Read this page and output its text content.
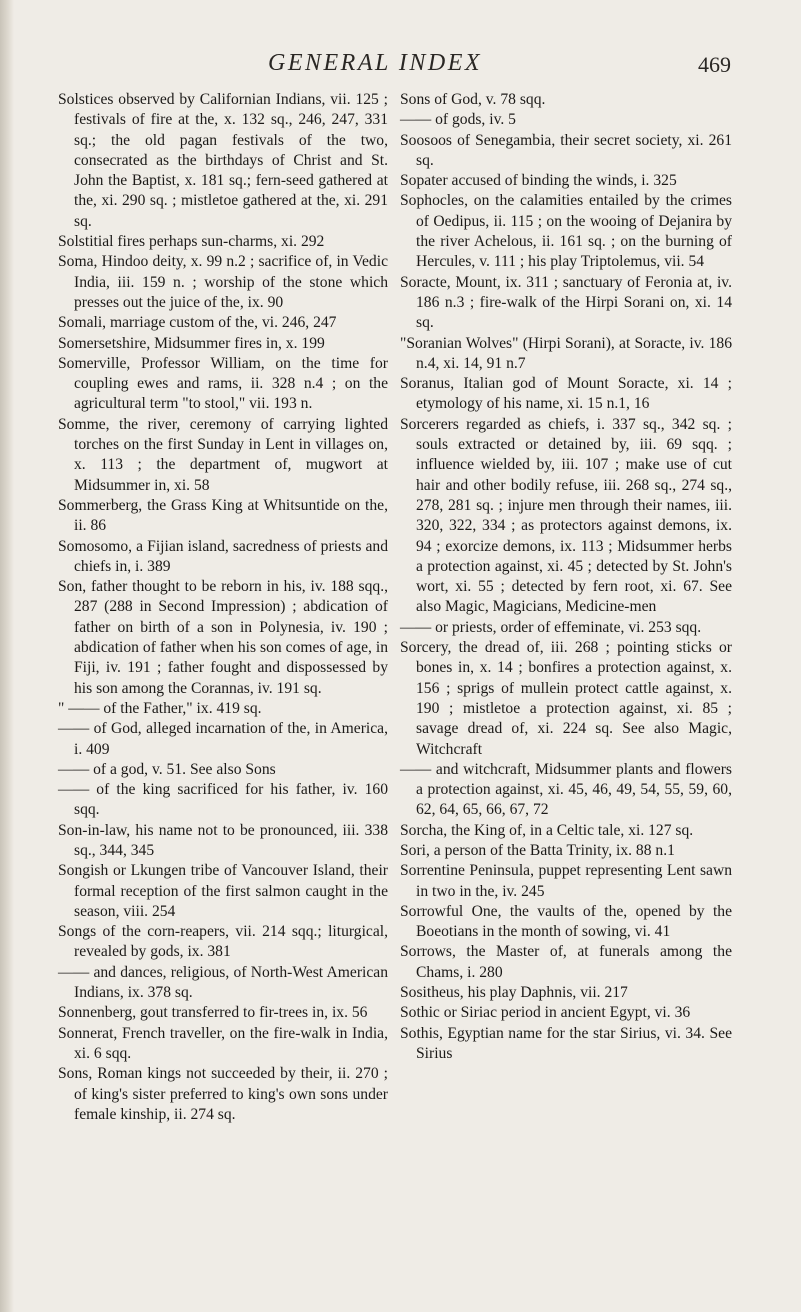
GENERAL INDEX	469

Solstices observed by Californian Indians, vii. 125 ; festivals of fire at the, x. 132 sq., 246, 247, 331 sq.; the old pagan festivals of the two, consecrated as the birthdays of Christ and St. John the Baptist, x. 181 sq.; fern-seed gathered at the, xi. 290 sq. ; mistletoe gathered at the, xi. 291 sq.

Solstitial fires perhaps sun-charms, xi. 292

Soma, Hindoo deity, x. 99 n.2 ; sacrifice of, in Vedic India, iii. 159 n. ; worship of the stone which presses out the juice of the, ix. 90

Somali, marriage custom of the, vi. 246, 247

Somersetshire, Midsummer fires in, x. 199

Somerville, Professor William, on the time for coupling ewes and rams, ii. 328 n.4 ; on the agricultural term "to stool," vii. 193 n.

Somme, the river, ceremony of carrying lighted torches on the first Sunday in Lent in villages on, x. 113 ; the department of, mugwort at Midsummer in, xi. 58

Sommerberg, the Grass King at Whitsuntide on the, ii. 86

Somosomo, a Fijian island, sacredness of priests and chiefs in, i. 389

Son, father thought to be reborn in his, iv. 188 sqq., 287 (288 in Second Impression) ; abdication of father on birth of a son in Polynesia, iv. 190 ; abdication of father when his son comes of age, in Fiji, iv. 191 ; father fought and dispossessed by his son among the Corannas, iv. 191 sq.

" —— of the Father," ix. 419 sq.

—— of God, alleged incarnation of the, in America, i. 409

—— of a god, v. 51. See also Sons

—— of the king sacrificed for his father, iv. 160 sqq.

Son-in-law, his name not to be pronounced, iii. 338 sq., 344, 345

Songish or Lkungen tribe of Vancouver Island, their formal reception of the first salmon caught in the season, viii. 254

Songs of the corn-reapers, vii. 214 sqq.; liturgical, revealed by gods, ix. 381

—— and dances, religious, of North-West American Indians, ix. 378 sq.

Sonnenberg, gout transferred to fir-trees in, ix. 56

Sonnerat, French traveller, on the fire-walk in India, xi. 6 sqq.

Sons, Roman kings not succeeded by their, ii. 270 ; of king's sister preferred to king's own sons under female kinship, ii. 274 sq.

Sons of God, v. 78 sqq.

—— of gods, iv. 5

Soosoos of Senegambia, their secret society, xi. 261 sq.

Sopater accused of binding the winds, i. 325

Sophocles, on the calamities entailed by the crimes of Oedipus, ii. 115 ; on the wooing of Dejanira by the river Achelous, ii. 161 sq. ; on the burning of Hercules, v. 111 ; his play Triptolemus, vii. 54

Soracte, Mount, ix. 311 ; sanctuary of Feronia at, iv. 186 n.3 ; fire-walk of the Hirpi Sorani on, xi. 14 sq.

"Soranian Wolves" (Hirpi Sorani), at Soracte, iv. 186 n.4, xi. 14, 91 n.7

Soranus, Italian god of Mount Soracte, xi. 14 ; etymology of his name, xi. 15 n.1, 16

Sorcerers regarded as chiefs, i. 337 sq., 342 sq. ; souls extracted or detained by, iii. 69 sqq. ; influence wielded by, iii. 107 ; make use of cut hair and other bodily refuse, iii. 268 sq., 274 sq., 278, 281 sq. ; injure men through their names, iii. 320, 322, 334 ; as protectors against demons, ix. 94 ; exorcize demons, ix. 113 ; Midsummer herbs a protection against, xi. 45 ; detected by St. John's wort, xi. 55 ; detected by fern root, xi. 67. See also Magic, Magicians, Medicine-men

—— or priests, order of effeminate, vi. 253 sqq.

Sorcery, the dread of, iii. 268 ; pointing sticks or bones in, x. 14 ; bonfires a protection against, x. 156 ; sprigs of mullein protect cattle against, x. 190 ; mistletoe a protection against, xi. 85 ; savage dread of, xi. 224 sq. See also Magic, Witchcraft

—— and witchcraft, Midsummer plants and flowers a protection against, xi. 45, 46, 49, 54, 55, 59, 60, 62, 64, 65, 66, 67, 72

Sorcha, the King of, in a Celtic tale, xi. 127 sq.

Sori, a person of the Batta Trinity, ix. 88 n.1

Sorrentine Peninsula, puppet representing Lent sawn in two in the, iv. 245

Sorrowful One, the vaults of the, opened by the Boeotians in the month of sowing, vi. 41

Sorrows, the Master of, at funerals among the Chams, i. 280

Sositheus, his play Daphnis, vii. 217

Sothic or Siriac period in ancient Egypt, vi. 36

Sothis, Egyptian name for the star Sirius, vi. 34. See Sirius
